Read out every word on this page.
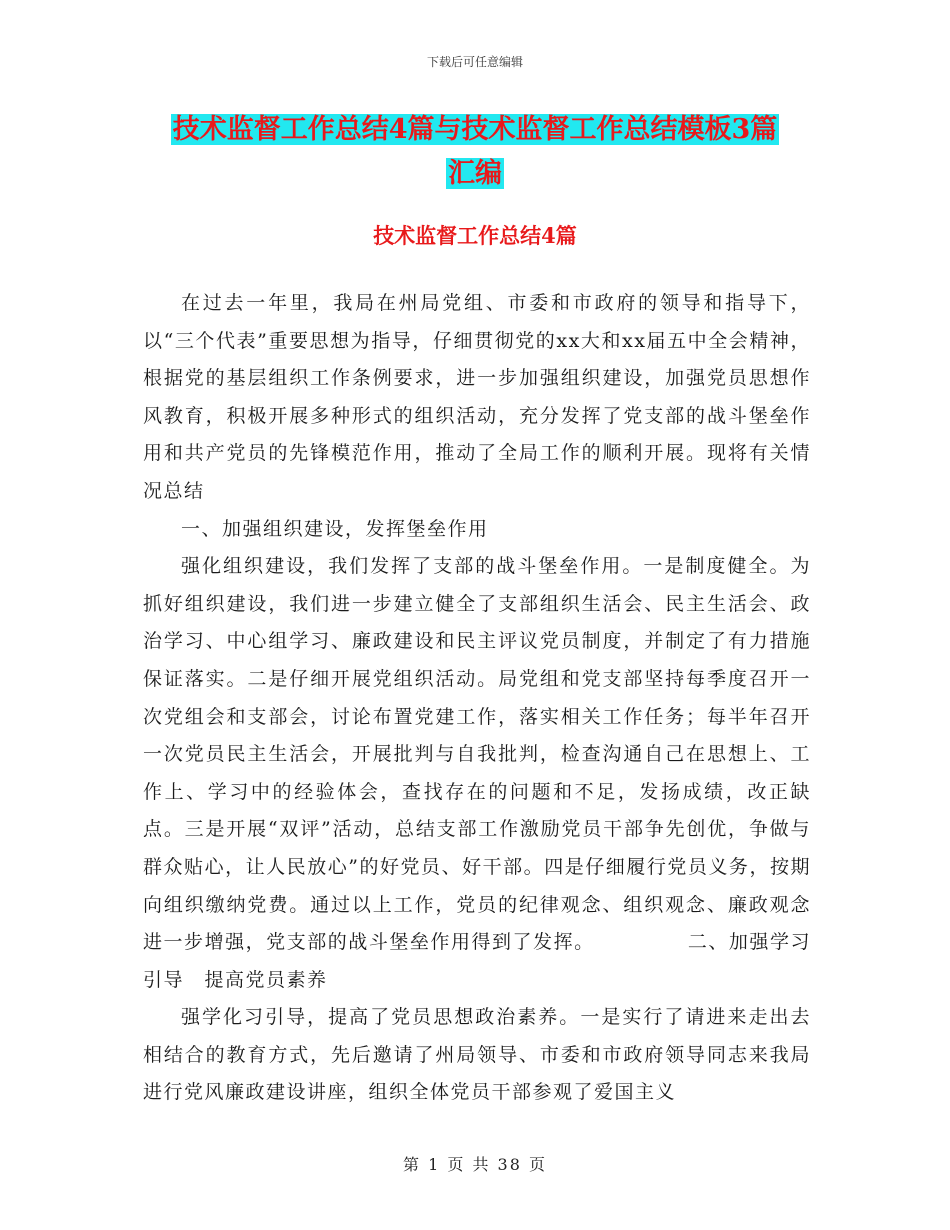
下载后可任意编辑
技术监督工作总结4篇与技术监督工作总结模板3篇
汇编
技术监督工作总结4篇

在过去一年里，我局在州局党组、市委和市政府的领导和指导下，以“三个代表”重要思想为指导，仔细贯彻党的xx大和xx届五中全会精神，根据党的基层组织工作条例要求，进一步加强组织建设，加强党员思想作风教育，积极开展多种形式的组织活动，充分发挥了党支部的战斗堡垒作用和共产党员的先锋模范作用，推动了全局工作的顺利开展。现将有关情况总结

一、加强组织建设，发挥堡垒作用

强化组织建设，我们发挥了支部的战斗堡垒作用。一是制度健全。为抓好组织建设，我们进一步建立健全了支部组织生活会、民主生活会、政治学习、中心组学习、廉政建设和民主评议党员制度，并制定了有力措施保证落实。二是仔细开展党组织活动。局党组和党支部坚持每季度召开一次党组会和支部会，讨论布置党建工作，落实相关工作任务；每半年召开一次党员民主生活会，开展批判与自我批判，检查沟通自己在思想上、工作上、学习中的经验体会，查找存在的问题和不足，发扬成绩，改正缺点。三是开展“双评”活动，总结支部工作激励党员干部争先创优，争做与群众贴心，让人民放心”的好党员、好干部。四是仔细履行党员义务，按期向组织缴纳党费。通过以上工作，党员的纪律观念、组织观念、廉政观念进一步增强，党支部的战斗堡垒作用得到了发挥。　　　　　二、加强学习引导　提高党员素养

强学化习引导，提高了党员思想政治素养。一是实行了请进来走出去相结合的教育方式，先后邀请了州局领导、市委和市政府领导同志来我局进行党风廉政建设讲座，组织全体党员干部参观了爱国主义

第 1 页 共 38 页
